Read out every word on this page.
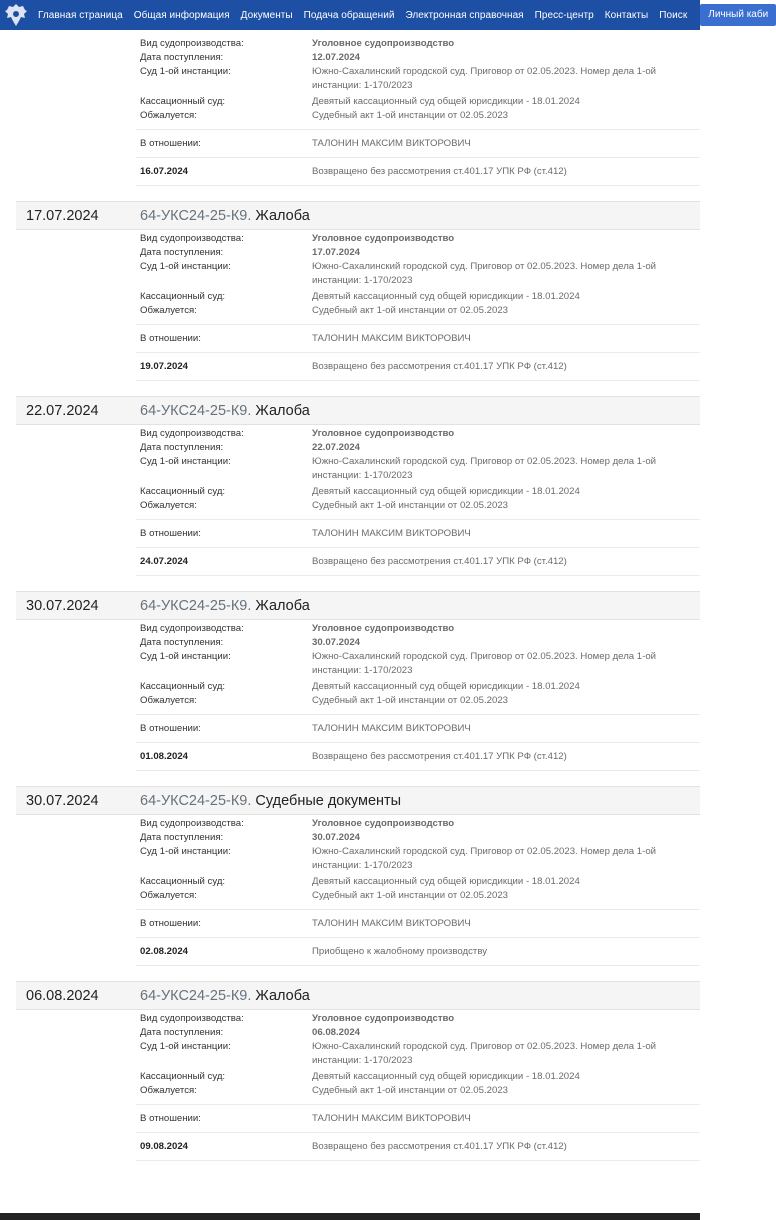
Главная страница Общая информация Документы Подача обращений Электронная справочная Пресс-центр Контакты Поиск	Личный каби
Вид судопроизводства:	Уголовное судопроизводство
Дата поступления:	12.07.2024
Суд 1-ой инстанции:	Южно-Сахалинский городской суд. Приговор от 02.05.2023. Номер дела 1-ой инстанции: 1-170/2023
Кассационный суд:	Девятый кассационный суд общей юрисдикции - 18.01.2024
Обжалуется:	Судебный акт 1-ой инстанции от 02.05.2023
В отношении:	ТАЛОНИН МАКСИМ ВИКТОРОВИЧ
16.07.2024	Возвращено без рассмотрения ст.401.17 УПК РФ (ст.412)
17.07.2024	64-УКС24-25-К9. Жалоба
Вид судопроизводства:	Уголовное судопроизводство
Дата поступления:	17.07.2024
Суд 1-ой инстанции:	Южно-Сахалинский городской суд. Приговор от 02.05.2023. Номер дела 1-ой инстанции: 1-170/2023
Кассационный суд:	Девятый кассационный суд общей юрисдикции - 18.01.2024
Обжалуется:	Судебный акт 1-ой инстанции от 02.05.2023
В отношении:	ТАЛОНИН МАКСИМ ВИКТОРОВИЧ
19.07.2024	Возвращено без рассмотрения ст.401.17 УПК РФ (ст.412)
22.07.2024	64-УКС24-25-К9. Жалоба
Вид судопроизводства:	Уголовное судопроизводство
Дата поступления:	22.07.2024
Суд 1-ой инстанции:	Южно-Сахалинский городской суд. Приговор от 02.05.2023. Номер дела 1-ой инстанции: 1-170/2023
Кассационный суд:	Девятый кассационный суд общей юрисдикции - 18.01.2024
Обжалуется:	Судебный акт 1-ой инстанции от 02.05.2023
В отношении:	ТАЛОНИН МАКСИМ ВИКТОРОВИЧ
24.07.2024	Возвращено без рассмотрения ст.401.17 УПК РФ (ст.412)
30.07.2024	64-УКС24-25-К9. Жалоба
Вид судопроизводства:	Уголовное судопроизводство
Дата поступления:	30.07.2024
Суд 1-ой инстанции:	Южно-Сахалинский городской суд. Приговор от 02.05.2023. Номер дела 1-ой инстанции: 1-170/2023
Кассационный суд:	Девятый кассационный суд общей юрисдикции - 18.01.2024
Обжалуется:	Судебный акт 1-ой инстанции от 02.05.2023
В отношении:	ТАЛОНИН МАКСИМ ВИКТОРОВИЧ
01.08.2024	Возвращено без рассмотрения ст.401.17 УПК РФ (ст.412)
30.07.2024	64-УКС24-25-К9. Судебные документы
Вид судопроизводства:	Уголовное судопроизводство
Дата поступления:	30.07.2024
Суд 1-ой инстанции:	Южно-Сахалинский городской суд. Приговор от 02.05.2023. Номер дела 1-ой инстанции: 1-170/2023
Кассационный суд:	Девятый кассационный суд общей юрисдикции - 18.01.2024
Обжалуется:	Судебный акт 1-ой инстанции от 02.05.2023
В отношении:	ТАЛОНИН МАКСИМ ВИКТОРОВИЧ
02.08.2024	Приобщено к жалобному производству
06.08.2024	64-УКС24-25-К9. Жалоба
Вид судопроизводства:	Уголовное судопроизводство
Дата поступления:	06.08.2024
Суд 1-ой инстанции:	Южно-Сахалинский городской суд. Приговор от 02.05.2023. Номер дела 1-ой инстанции: 1-170/2023
Кассационный суд:	Девятый кассационный суд общей юрисдикции - 18.01.2024
Обжалуется:	Судебный акт 1-ой инстанции от 02.05.2023
В отношении:	ТАЛОНИН МАКСИМ ВИКТОРОВИЧ
09.08.2024	Возвращено без рассмотрения ст.401.17 УПК РФ (ст.412)
